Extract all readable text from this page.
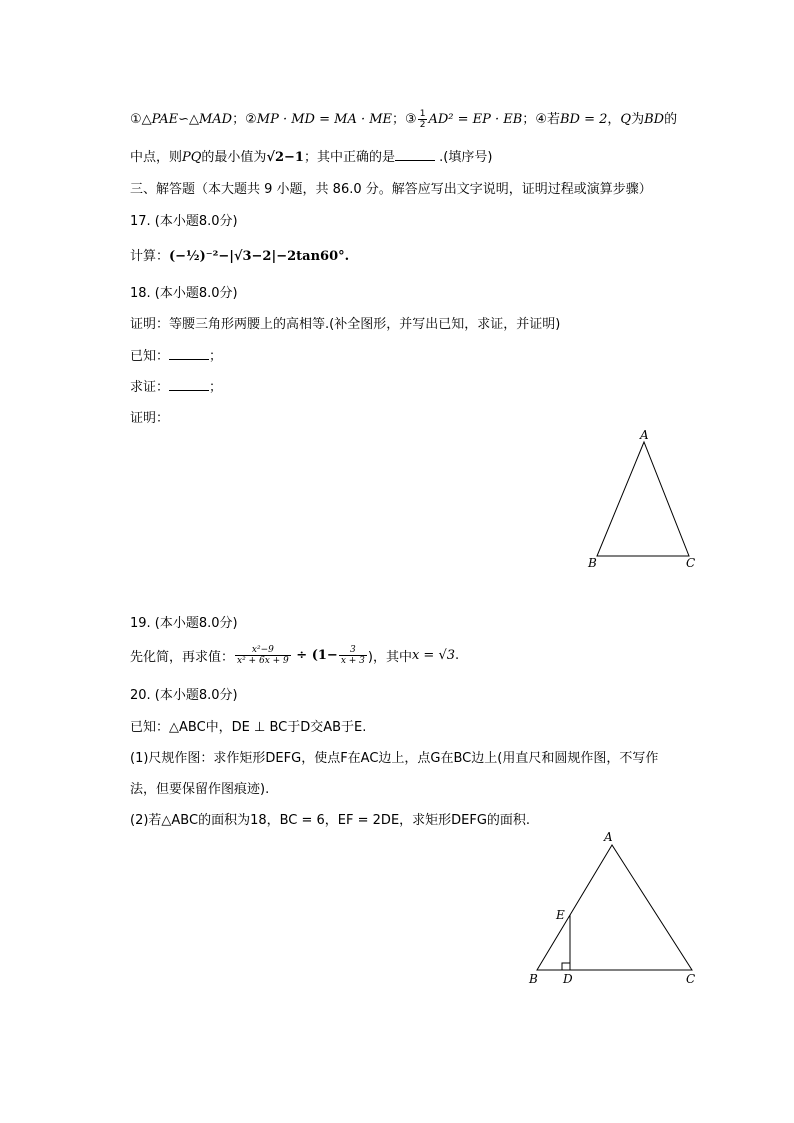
①△PAE∽△MAD；②MP · MD = MA · ME；③ $\frac{1}{2} AD^2$ = EP · EB；④若BD = 2，Q为BD的
中点，则PQ的最小值为√2−1；其中正确的是	.(填序号)
三、解答题（本大题共 9 小题，共 86.0 分。解答应写出文字说明，证明过程或演算步骤）
17. (本小题8.0分)
计算：(−½)⁻²−|√3−2|−2tan60°.
18. (本小题8.0分)
证明：等腰三角形两腰上的高相等.(补全图形，并写出已知，求证，并证明)
已知：	；
求证：	；
证明：
A
B	C
19. (本小题8.0分)
先化简，再求值： $\frac{\text{x²−9}}{\text{x² + 6x + 9}} \div (1- \frac{3}{x + 3}$ )，其中x = √3.
20. (本小题8.0分)
已知：△ABC中，DE ⊥ BC于D交AB于E.
(1)尺规作图：求作矩形DEFG，使点F在AC边上，点G在BC边上(用直尺和圆规作图，不写作
法，但要保留作图痕迹).
(2)若△ABC的面积为18，BC = 6，EF = 2DE，求矩形DEFG的面积.
A
E
B D	C
